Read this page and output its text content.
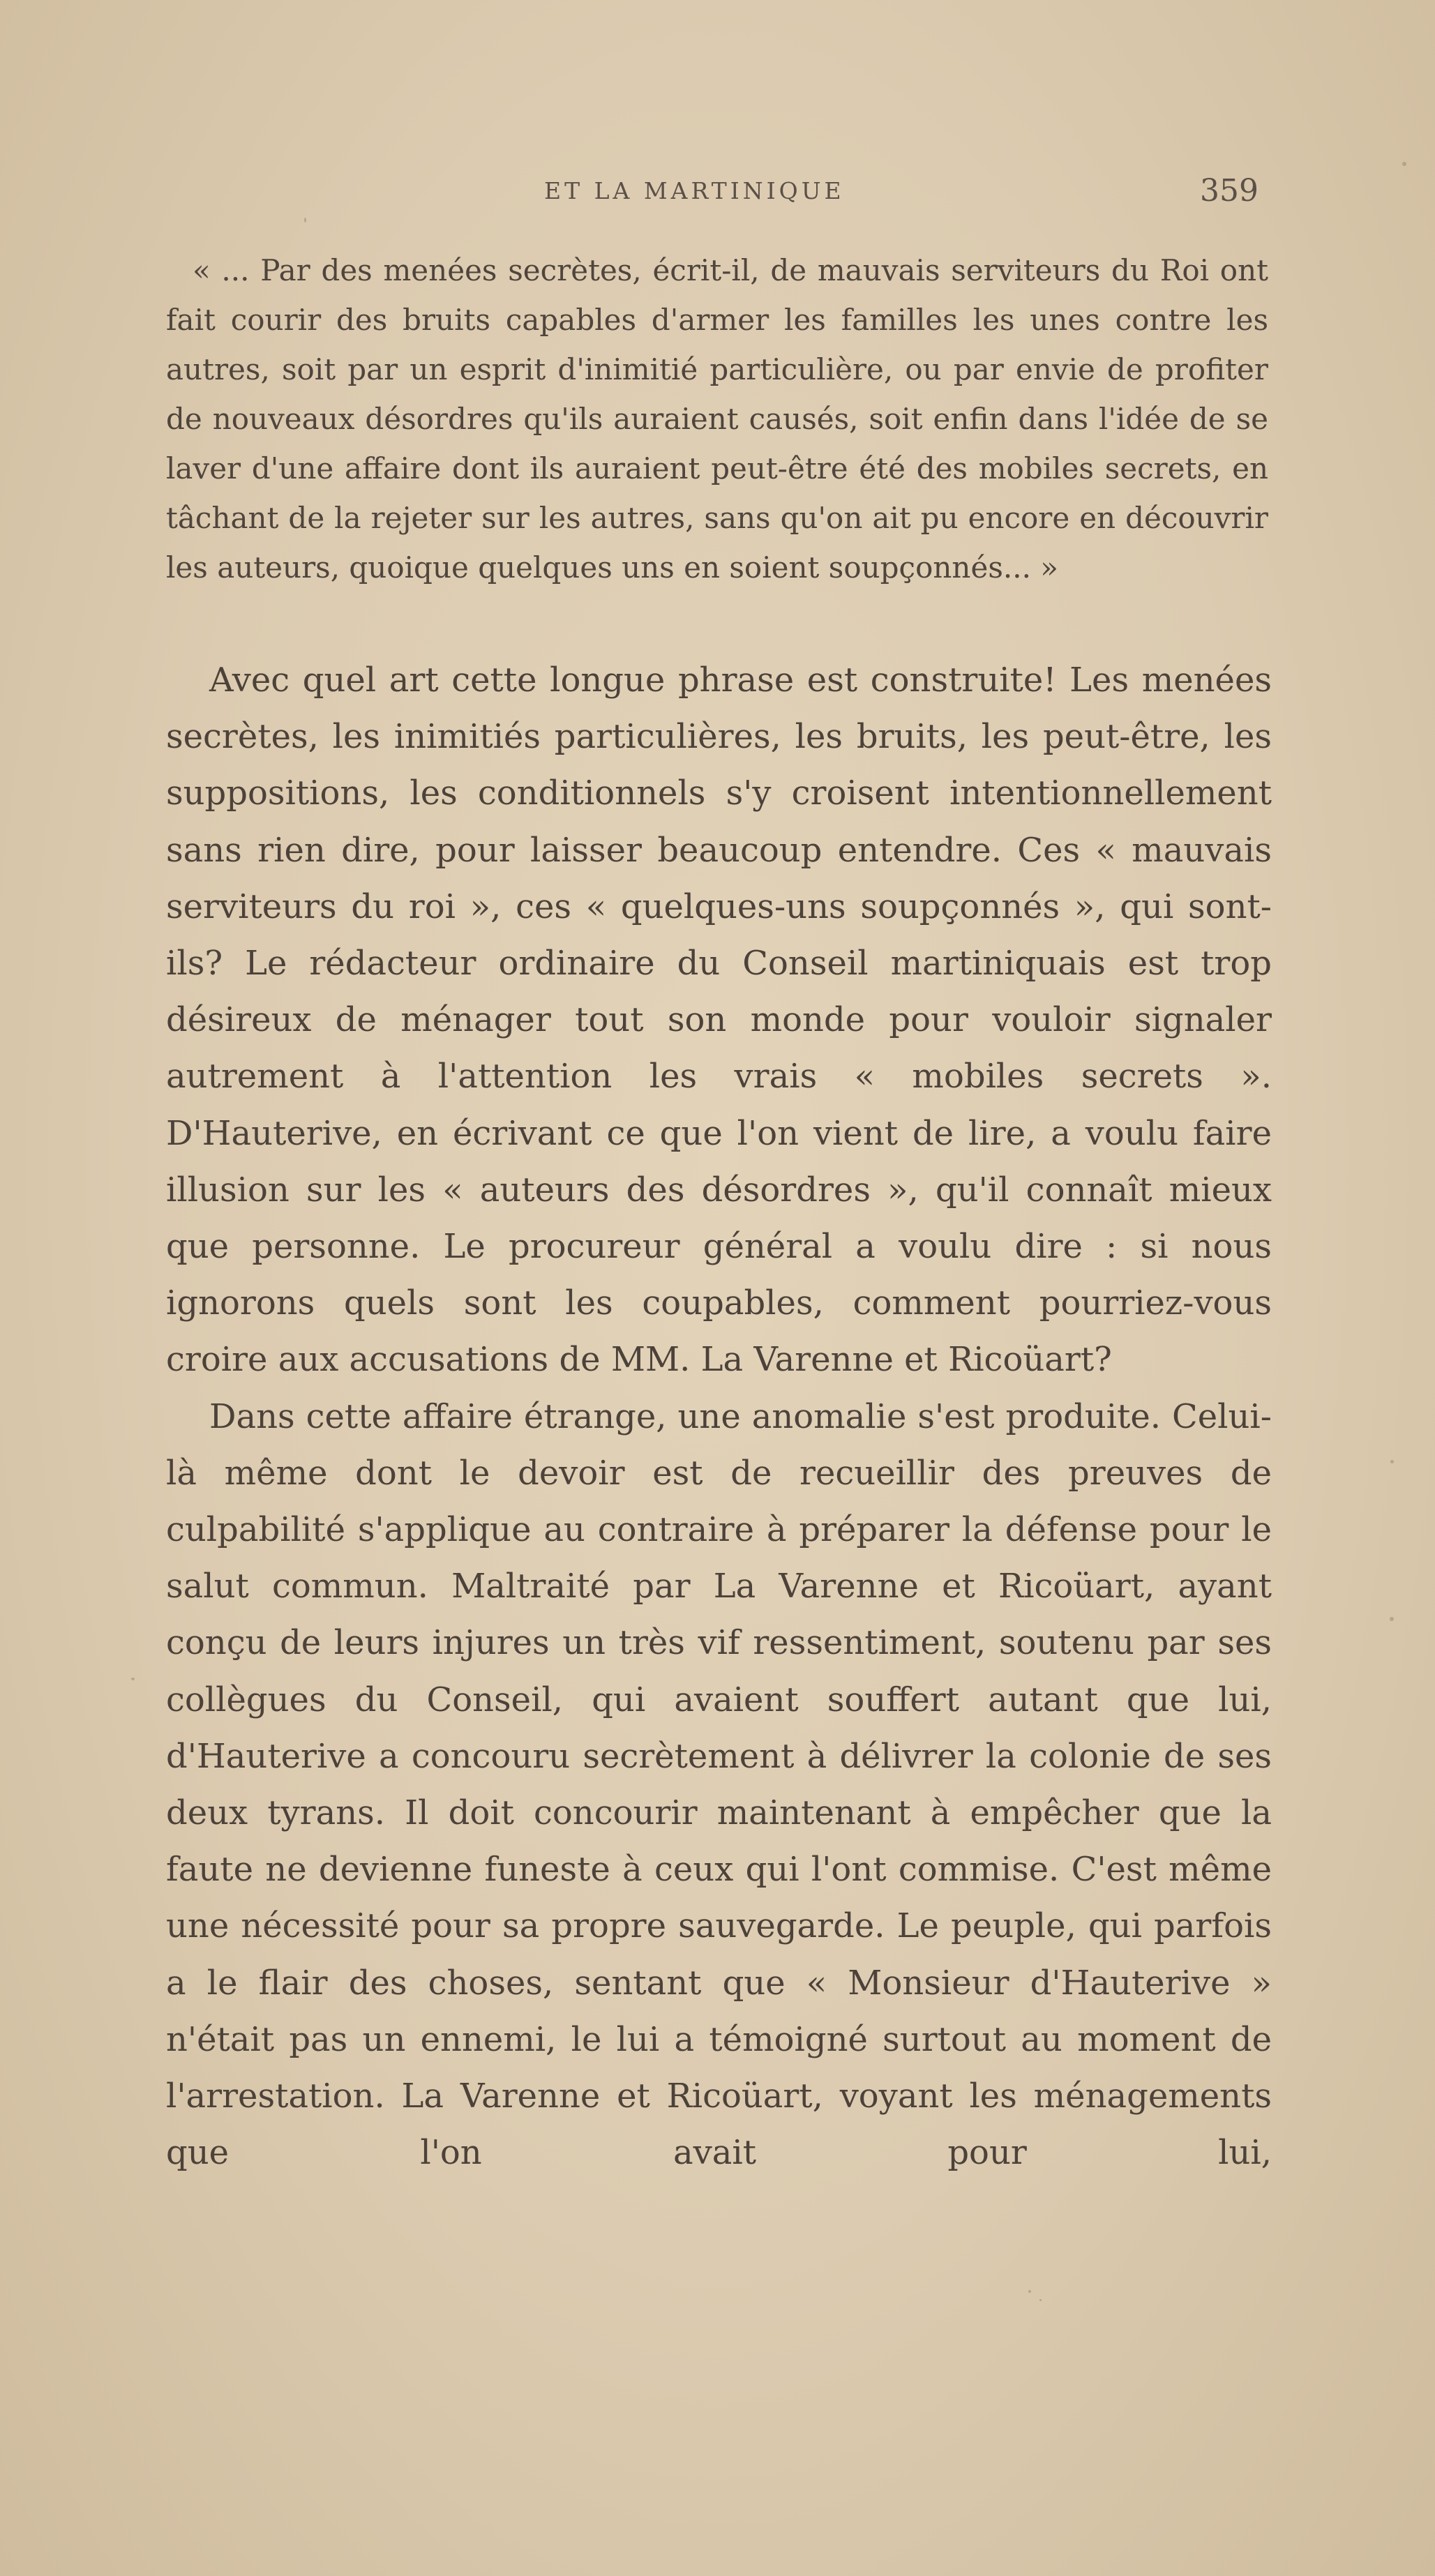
ET LA MARTINIQUE	359

« ... Par des menées secrètes, écrit-il, de mauvais serviteurs du Roi ont fait courir des bruits capables d'armer les familles les unes contre les autres, soit par un esprit d'inimitié particulière, ou par envie de profiter de nouveaux désordres qu'ils auraient causés, soit enfin dans l'idée de se laver d'une affaire dont ils auraient peut-être été des mobiles secrets, en tâchant de la rejeter sur les autres, sans qu'on ait pu encore en découvrir les auteurs, quoique quelques uns en soient soupçonnés... »

Avec quel art cette longue phrase est construite! Les menées secrètes, les inimitiés particulières, les bruits, les peut-être, les suppositions, les conditionnels s'y croisent intentionnellement sans rien dire, pour laisser beaucoup entendre. Ces « mauvais serviteurs du roi », ces « quelques-uns soupçonnés », qui sont-ils? Le rédacteur ordinaire du Conseil martiniquais est trop désireux de ménager tout son monde pour vouloir signaler autrement à l'attention les vrais « mobiles secrets ». D'Hauterive, en écrivant ce que l'on vient de lire, a voulu faire illusion sur les « auteurs des désordres », qu'il connaît mieux que personne. Le procureur général a voulu dire : si nous ignorons quels sont les coupables, comment pourriez-vous croire aux accusations de MM. La Varenne et Ricoüart?

Dans cette affaire étrange, une anomalie s'est produite. Celui-là même dont le devoir est de recueillir des preuves de culpabilité s'applique au contraire à préparer la défense pour le salut commun. Maltraité par La Varenne et Ricoüart, ayant conçu de leurs injures un très vif ressentiment, soutenu par ses collègues du Conseil, qui avaient souffert autant que lui, d'Hauterive a concouru secrètement à délivrer la colonie de ses deux tyrans. Il doit concourir maintenant à empêcher que la faute ne devienne funeste à ceux qui l'ont commise. C'est même une nécessité pour sa propre sauvegarde. Le peuple, qui parfois a le flair des choses, sentant que « Monsieur d'Hauterive » n'était pas un ennemi, le lui a témoigné surtout au moment de l'arrestation. La Varenne et Ricoüart, voyant les ménagements que l'on avait pour lui,
